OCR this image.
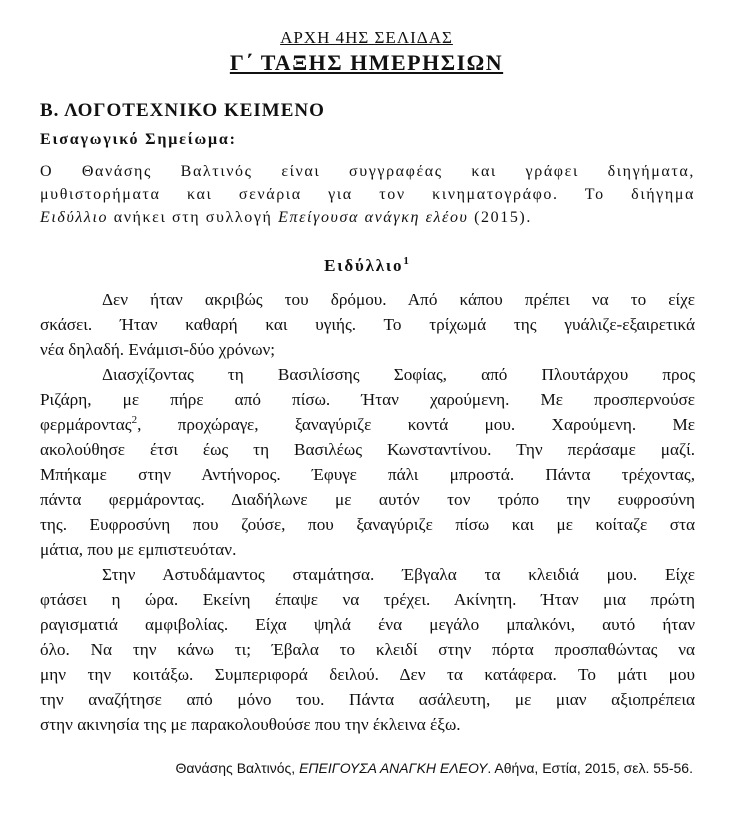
ΑΡΧΗ 4ΗΣ ΣΕΛΙΔΑΣ
Γ΄ ΤΑΞΗΣ ΗΜΕΡΗΣΙΩΝ
Β. ΛΟΓΟΤΕΧΝΙΚΟ ΚΕΙΜΕΝΟ
Εισαγωγικό Σημείωμα:
Ο Θανάσης Βαλτινός είναι συγγραφέας και γράφει διηγήματα,
μυθιστορήματα και σενάρια για τον κινηματογράφο. Το διήγημα
Ειδύλλιο ανήκει στη συλλογή Επείγουσα ανάγκη ελέου (2015).
Ειδύλλιο$^1$
Δεν ήταν ακριβώς του δρόμου. Από κάπου πρέπει να το είχε
σκάσει. Ήταν καθαρή και υγιής. Το τρίχωμά της γυάλιζε-εξαιρετικά
νέα δηλαδή. Ενάμισι-δύο χρόνων;
Διασχίζοντας τη Βασιλίσσης Σοφίας, από Πλουτάρχου προς
Ριζάρη, με πήρε από πίσω. Ήταν χαρούμενη. Με προσπερνούσε
φερμάροντας$^2$, προχώραγε, ξαναγύριζε κοντά μου. Χαρούμενη. Με
ακολούθησε έτσι έως τη Βασιλέως Κωνσταντίνου. Την περάσαμε μαζί.
Μπήκαμε στην Αντήνορος. Έφυγε πάλι μπροστά. Πάντα τρέχοντας,
πάντα φερμάροντας. Διαδήλωνε με αυτόν τον τρόπο την ευφροσύνη
της. Ευφροσύνη που ζούσε, που ξαναγύριζε πίσω και με κοίταζε στα
μάτια, που με εμπιστευόταν.
Στην Αστυδάμαντος σταμάτησα. Έβγαλα τα κλειδιά μου. Είχε
φτάσει η ώρα. Εκείνη έπαψε να τρέχει. Ακίνητη. Ήταν μια πρώτη
ραγισματιά αμφιβολίας. Είχα ψηλά ένα μεγάλο μπαλκόνι, αυτό ήταν
όλο. Να την κάνω τι; Έβαλα το κλειδί στην πόρτα προσπαθώντας να
μην την κοιτάξω. Συμπεριφορά δειλού. Δεν τα κατάφερα. Το μάτι μου
την αναζήτησε από μόνο του. Πάντα ασάλευτη, με μιαν αξιοπρέπεια
στην ακινησία της με παρακολουθούσε που την έκλεινα έξω.
Θανάσης Βαλτινός, ΕΠΕΙΓΟΥΣΑ ΑΝΑΓΚΗ ΕΛΕΟΥ. Αθήνα, Εστία, 2015, σελ. 55-56.
